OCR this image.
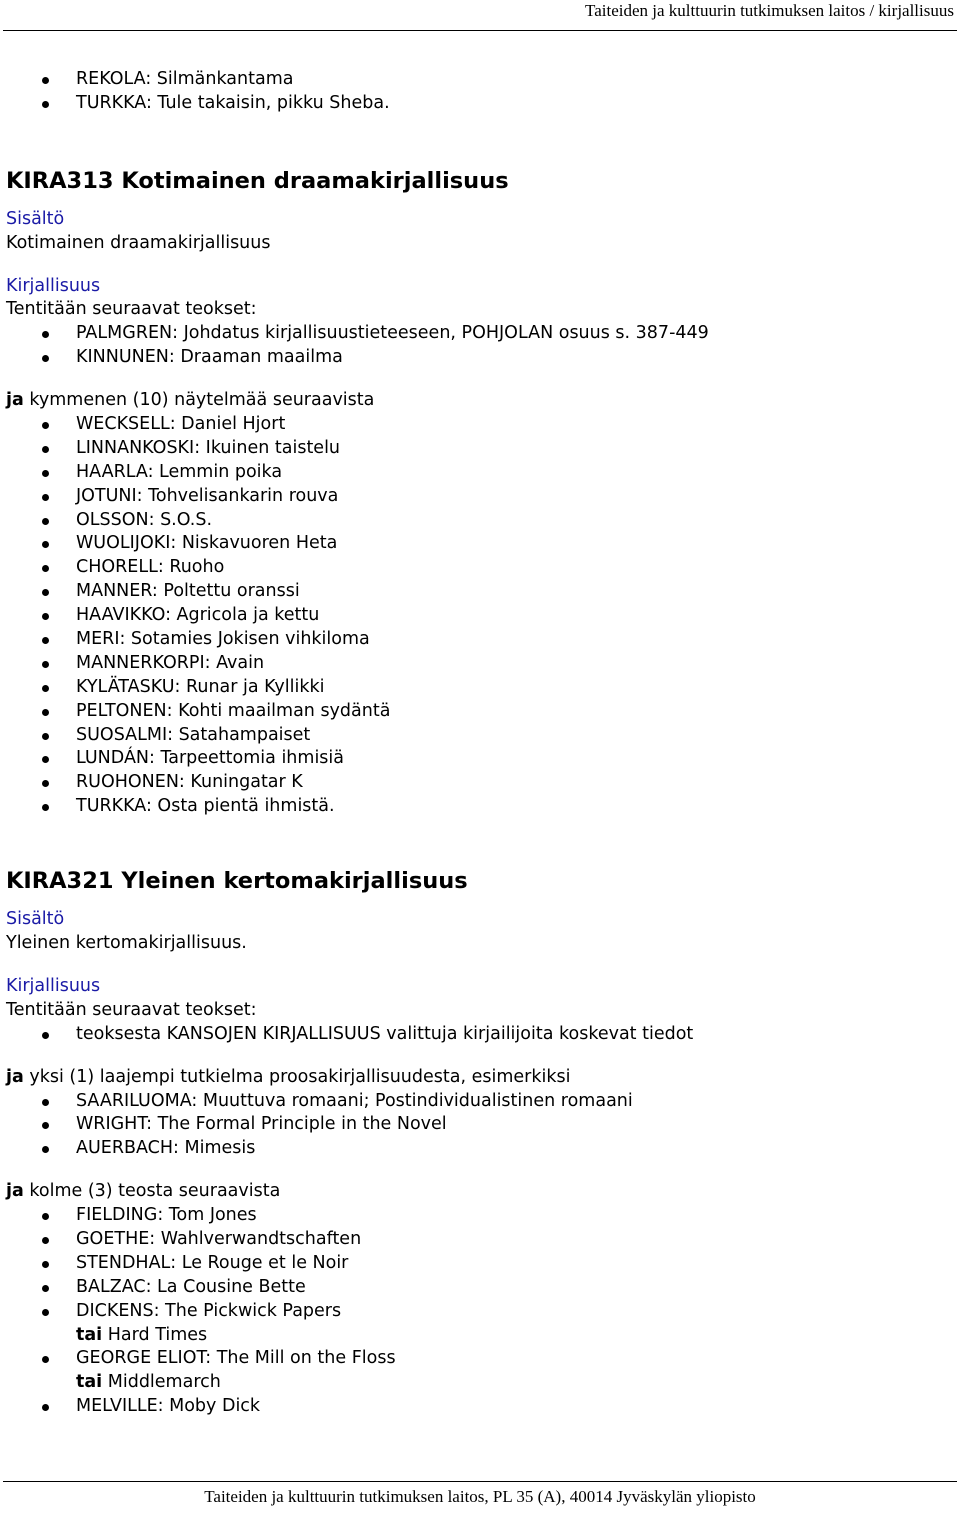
Taiteiden ja kulttuurin tutkimuksen laitos / kirjallisuus
REKOLA: Silmänkantama
TURKKA: Tule takaisin, pikku Sheba.
KIRA313 Kotimainen draamakirjallisuus
Sisältö
Kotimainen draamakirjallisuus
Kirjallisuus
Tentitään seuraavat teokset:
PALMGREN: Johdatus kirjallisuustieteeseen, POHJOLAN osuus s. 387-449
KINNUNEN: Draaman maailma
ja kymmenen (10) näytelmää seuraavista
WECKSELL: Daniel Hjort
LINNANKOSKI: Ikuinen taistelu
HAARLA: Lemmin poika
JOTUNI: Tohvelisankarin rouva
OLSSON: S.O.S.
WUOLIJOKI: Niskavuoren Heta
CHORELL: Ruoho
MANNER: Poltettu oranssi
HAAVIKKO: Agricola ja kettu
MERI: Sotamies Jokisen vihkiloma
MANNERKORPI: Avain
KYLÄTASKU: Runar ja Kyllikki
PELTONEN: Kohti maailman sydäntä
SUOSALMI: Satahampaiset
LUNDÁN: Tarpeettomia ihmisiä
RUOHONEN: Kuningatar K
TURKKA: Osta pientä ihmistä.
KIRA321 Yleinen kertomakirjallisuus
Sisältö
Yleinen kertomakirjallisuus.
Kirjallisuus
Tentitään seuraavat teokset:
teoksesta KANSOJEN KIRJALLISUUS valittuja kirjailijoita koskevat tiedot
ja yksi (1) laajempi tutkielma proosakirjallisuudesta, esimerkiksi
SAARILUOMA: Muuttuva romaani; Postindividualistinen romaani
WRIGHT: The Formal Principle in the Novel
AUERBACH: Mimesis
ja kolme (3) teosta seuraavista
FIELDING: Tom Jones
GOETHE: Wahlverwandtschaften
STENDHAL: Le Rouge et le Noir
BALZAC: La Cousine Bette
DICKENS: The Pickwick Papers
tai Hard Times
GEORGE ELIOT: The Mill on the Floss
tai Middlemarch
MELVILLE: Moby Dick
Taiteiden ja kulttuurin tutkimuksen laitos, PL 35 (A), 40014 Jyväskylän yliopisto
